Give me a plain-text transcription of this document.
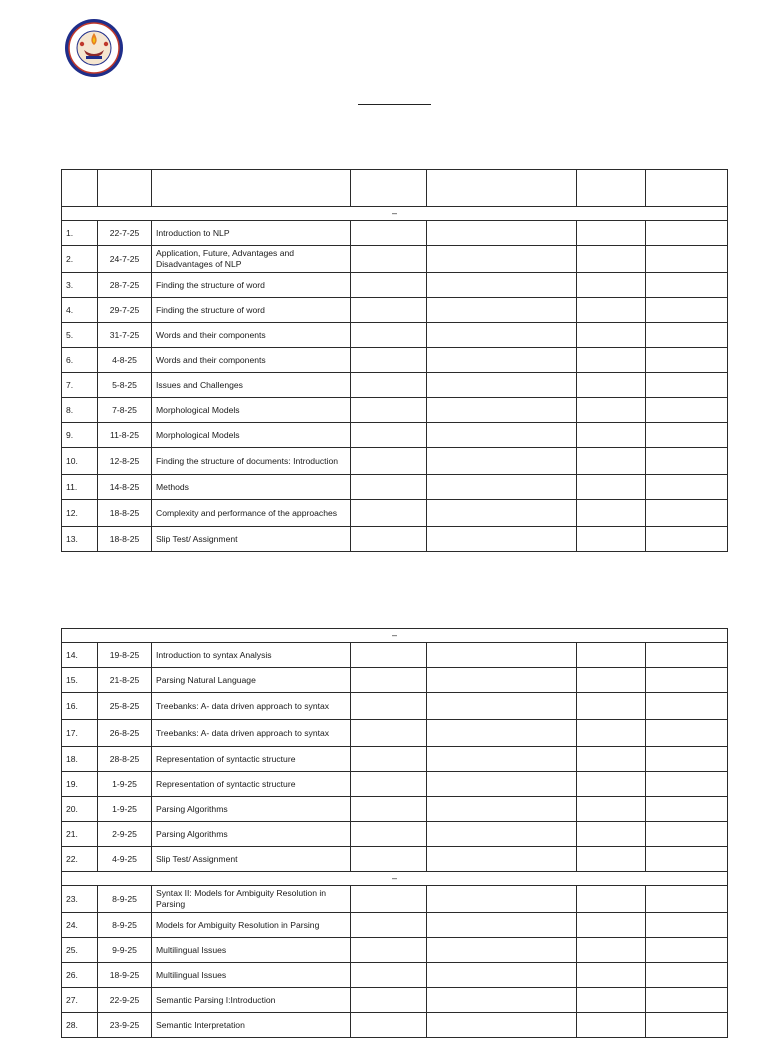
–						
1.	22-7-25	Introduction to NLP				
2.	24-7-25	Application, Future, Advantages and Disadvantages of NLP				
3.	28-7-25	Finding the structure of word				
4.	29-7-25	Finding the structure of word				
5.	31-7-25	Words and their components				
6.	4-8-25	Words and their components				
7.	5-8-25	Issues and Challenges				
8.	7-8-25	Morphological Models				
9.	11-8-25	Morphological Models				
10.	12-8-25	Finding the structure of documents: Introduction				
11.	14-8-25	Methods				
12.	18-8-25	Complexity and performance of the approaches				
13.	18-8-25	Slip Test/ Assignment				
–						
14.	19-8-25	Introduction to syntax Analysis				
15.	21-8-25	Parsing Natural Language				
16.	25-8-25	Treebanks: A- data driven approach to syntax				
17.	26-8-25	Treebanks: A- data driven approach to syntax				
18.	28-8-25	Representation of syntactic structure				
19.	1-9-25	Representation of syntactic structure				
20.	1-9-25	Parsing Algorithms				
21.	2-9-25	Parsing Algorithms				
22.	4-9-25	Slip Test/ Assignment				
–						
23.	8-9-25	Syntax II: Models for Ambiguity Resolution in Parsing				
24.	8-9-25	Models for Ambiguity Resolution in Parsing				
25.	9-9-25	Multilingual Issues				
26.	18-9-25	Multilingual Issues				
27.	22-9-25	Semantic Parsing I:Introduction				
28.	23-9-25	Semantic Interpretation				
